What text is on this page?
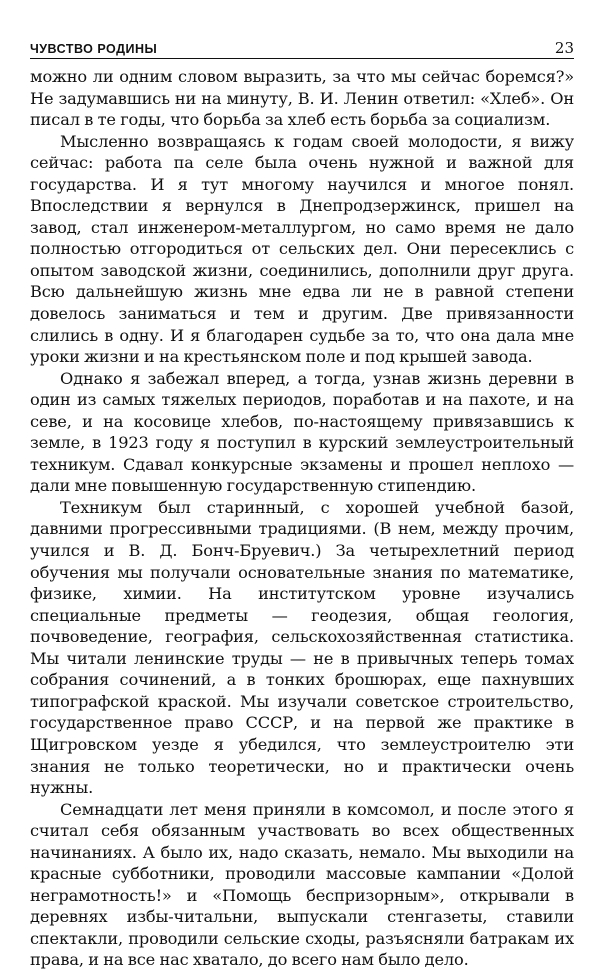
ЧУВСТВО РОДИНЫ	23

можно ли одним словом выразить, за что мы сейчас боремся?» Не задумавшись ни на минуту, В. И. Ленин ответил: «Хлеб». Он писал в те годы, что борьба за хлеб есть борьба за социализм.

Мысленно возвращаясь к годам своей молодости, я вижу сейчас: работа па селе была очень нужной и важной для государства. И я тут многому научился и многое понял. Впоследствии я вернулся в Днепродзержинск, пришел на завод, стал инженером-металлургом, но само время не дало полностью отгородиться от сельских дел. Они пересеклись с опытом заводской жизни, соединились, дополнили друг друга. Всю дальнейшую жизнь мне едва ли не в равной степени довелось заниматься и тем и другим. Две привязанности слились в одну. И я благодарен судьбе за то, что она дала мне уроки жизни и на крестьянском поле и под крышей завода.

Однако я забежал вперед, а тогда, узнав жизнь деревни в один из самых тяжелых периодов, поработав и на пахоте, и на севе, и на косовице хлебов, по-настоящему привязавшись к земле, в 1923 году я поступил в курский землеустроительный техникум. Сдавал конкурсные экзамены и прошел неплохо — дали мне повышенную государственную стипендию.

Техникум был старинный, с хорошей учебной базой, давними прогрессивными традициями. (В нем, между прочим, учился и В. Д. Бонч-Бруевич.) За четырехлетний период обучения мы получали основательные знания по математике, физике, химии. На институтском уровне изучались специальные предметы — геодезия, общая геология, почвоведение, география, сельскохозяйственная статистика. Мы читали ленинские труды — не в привычных теперь томах собрания сочинений, а в тонких брошюрах, еще пахнувших типографской краской. Мы изучали советское строительство, государственное право СССР, и на первой же практике в Щигровском уезде я убедился, что землеустроителю эти знания не только теоретически, но и практически очень нужны.

Семнадцати лет меня приняли в комсомол, и после этого я считал себя обязанным участвовать во всех общественных начинаниях. А было их, надо сказать, немало. Мы выходили на красные субботники, проводили массовые кампании «Долой неграмотность!» и «Помощь беспризорным», открывали в деревнях избы-читальни, выпускали стенгазеты, ставили спектакли, проводили сельские сходы, разъясняли батракам их права, и на все нас хватало, до всего нам было дело.
